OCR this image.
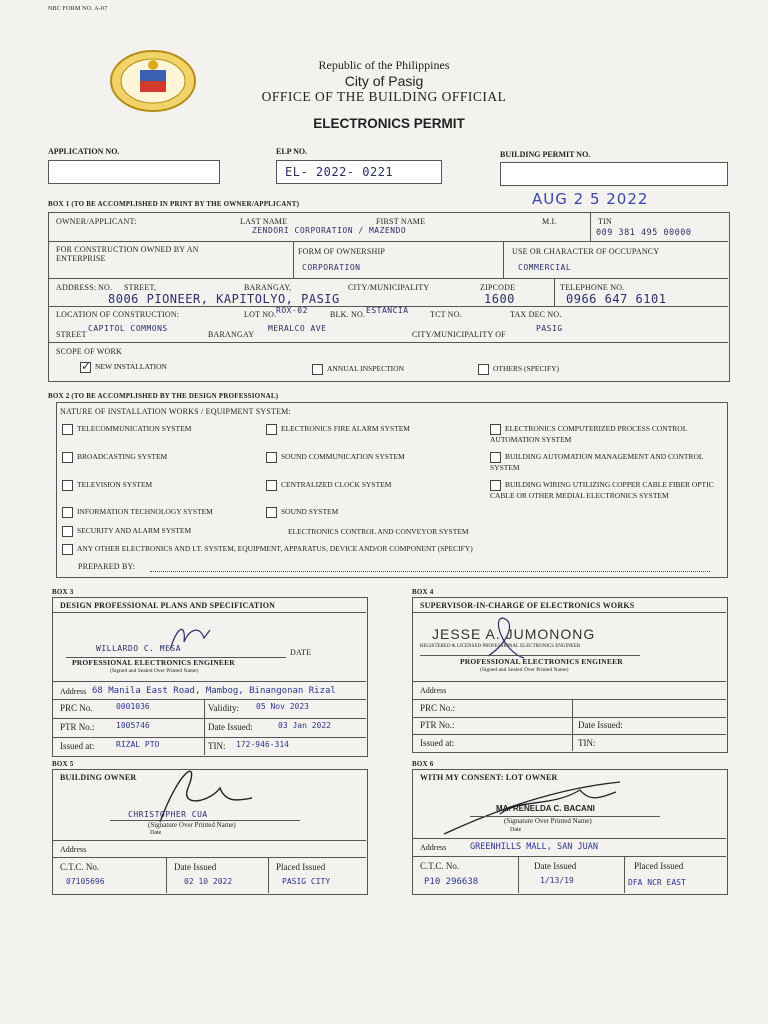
NBC FORM NO. A-07
Republic of the Philippines
City of Pasig
OFFICE OF THE BUILDING OFFICIAL
ELECTRONICS PERMIT
APPLICATION NO.	ELP NO.
EL- 2022- 0221
BUILDING PERMIT NO.
AUG 2 5 2022
BOX 1 (TO BE ACCOMPLISHED IN PRINT BY THE OWNER/APPLICANT)
OWNER/APPLICANT:	LAST NAME	FIRST NAME	M.I.	TIN
ZENDORI CORPORATION / MAZENDO	009 381 495 00000
FOR CONSTRUCTION OWNED BY AN ENTERPRISE
FORM OF OWNERSHIP
CORPORATION
USE OR CHARACTER OF OCCUPANCY
COMMERCIAL
ADDRESS: NO. STREET,	BARANGAY,	CITY/MUNICIPALITY	ZIPCODE	TELEPHONE NO.
8006 PIONEER, KAPITOLYO, PASIG	1600	0966 647 6101
LOCATION OF CONSTRUCTION:	LOT NO. ROX-02	BLK. NO. ESTANCIA	TCT NO.	TAX DEC NO.
STREET
CAPITOL COMMONS
BARANGAY
MERALCO AVE
CITY/MUNICIPALITY OF
PASIG
SCOPE OF WORK
✓ NEW INSTALLATION	ANNUAL INSPECTION	OTHERS (SPECIFY)
BOX 2 (TO BE ACCOMPLISHED BY THE DESIGN PROFESSIONAL)
NATURE OF INSTALLATION WORKS / EQUIPMENT SYSTEM:
TELECOMMUNICATION SYSTEM
BROADCASTING SYSTEM
TELEVISION SYSTEM
INFORMATION TECHNOLOGY SYSTEM
SECURITY AND ALARM SYSTEM
ELECTRONICS FIRE ALARM SYSTEM
SOUND COMMUNICATION SYSTEM
CENTRALIZED CLOCK SYSTEM
SOUND SYSTEM
ELECTRONICS CONTROL AND CONVEYOR SYSTEM
ELECTRONICS COMPUTERIZED PROCESS CONTROL AUTOMATION SYSTEM
BUILDING AUTOMATION MANAGEMENT AND CONTROL SYSTEM
BUILDING WIRING UTILIZING COPPER CABLE FIBER OPTIC CABLE OR OTHER MEDIAL ELECTRONICS SYSTEM
ANY OTHER ELECTRONICS AND I.T. SYSTEM, EQUIPMENT, APPARATUS, DEVICE AND/OR COMPONENT (SPECIFY)
PREPARED BY:
BOX 3
DESIGN PROFESSIONAL PLANS AND SPECIFICATION
WILLARDO C. MESA	DATE
PROFESSIONAL ELECTRONICS ENGINEER
(Signed and Sealed Over Printed Name)
Address 68 Manila East Road, Mambog, Binangonan Rizal
PRC No.	0001036	Validity: 05 Nov 2023
PTR No.:	1005746	Date Issued:	03 Jan 2022
Issued at:	RIZAL PTO	TIN: 172-946-314
BOX 4
SUPERVISOR-IN-CHARGE OF ELECTRONICS WORKS
JESSE A. JUMONONG
REGISTERED & LICENSED PROFESSIONAL ELECTRONICS ENGINEER
PROFESSIONAL ELECTRONICS ENGINEER
(Signed and Sealed Over Printed Name)
Address
PRC No.:
PTR No.:	Date Issued:
Issued at:	TIN:
BOX 5
BUILDING OWNER
CHRISTOPHER CUA
(Signature Over Printed Name)
Date
Address
C.T.C. No.
07105696
Date Issued
02 10 2022
Placed Issued
PASIG CITY
BOX 6
WITH MY CONSENT: LOT OWNER
MA. RENELDA C. BACANI
(Signature Over Printed Name)
Date
Address	GREENHILLS MALL, SAN JUAN
C.T.C. No.
P10 296638
Date Issued
1/13/19
Placed Issued
DFA NCR EAST
